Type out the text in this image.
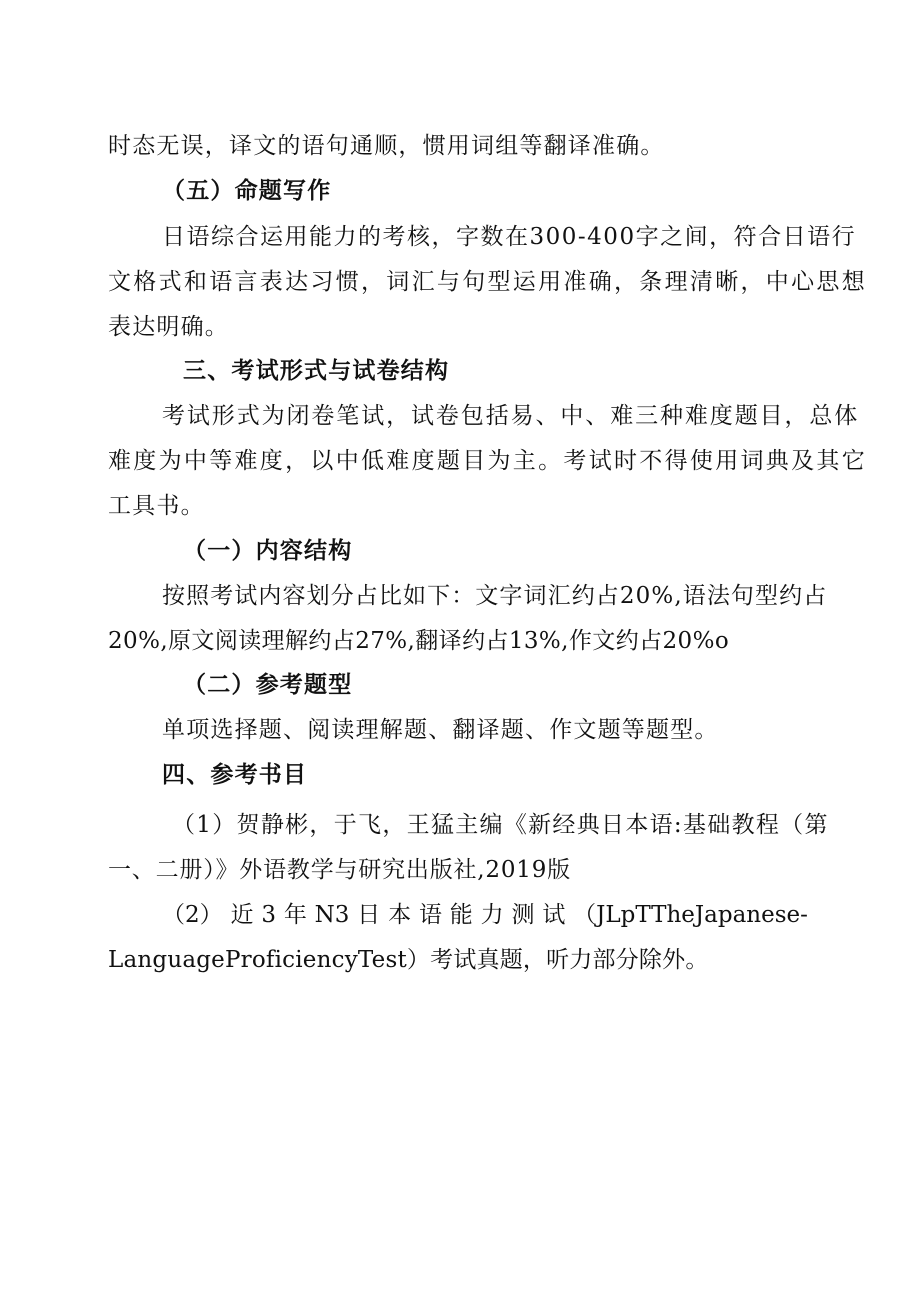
时态无误，译文的语句通顺，惯用词组等翻译准确。
（五）命题写作
日语综合运用能力的考核，字数在300-400字之间，符合日语行
文格式和语言表达习惯，词汇与句型运用准确，条理清晰，中心思想
表达明确。
三、考试形式与试卷结构
考试形式为闭卷笔试，试卷包括易、中、难三种难度题目，总体
难度为中等难度，以中低难度题目为主。考试时不得使用词典及其它
工具书。
（一）内容结构
按照考试内容划分占比如下：文字词汇约占20%,语法句型约占
20%,原文阅读理解约占27%,翻译约占13%,作文约占20%o
（二）参考题型
单项选择题、阅读理解题、翻译题、作文题等题型。
四、参考书目
（1）贺静彬，于飞，王猛主编《新经典日本语:基础教程（第
一、二册）》外语教学与研究出版社,2019版
（2） 近 3 年 N3 日 本 语 能 力 测 试 （JLpTTheJapanese-
LanguageProficiencyTest）考试真题，听力部分除外。
